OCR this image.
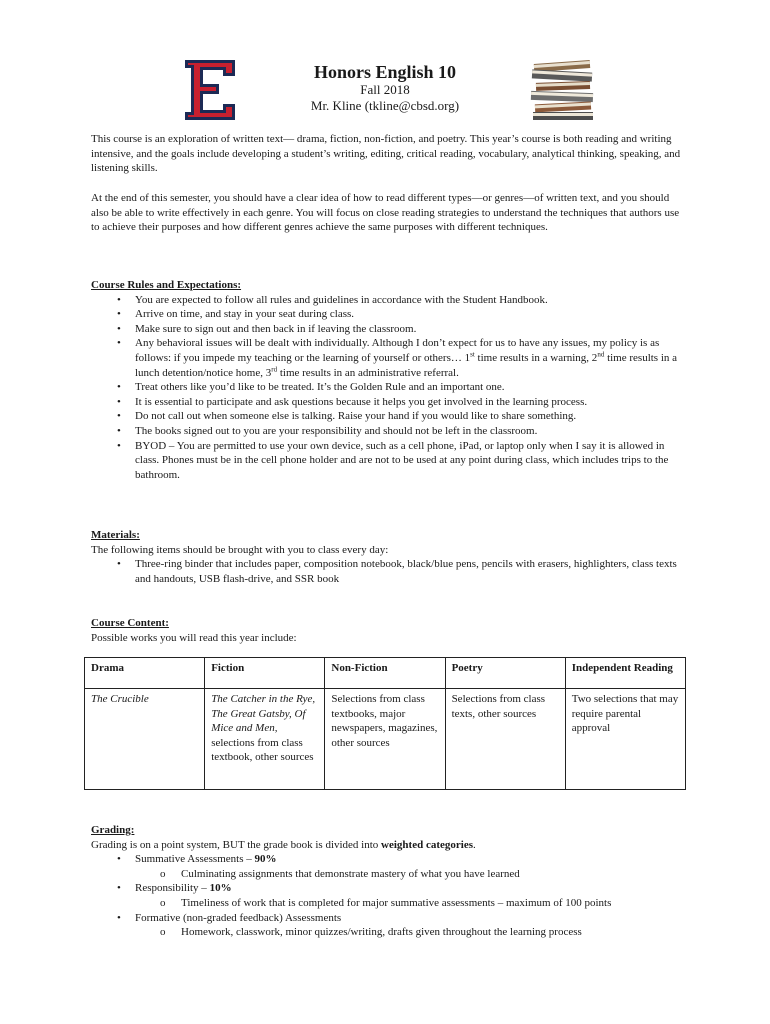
Honors English 10
Fall 2018
Mr. Kline (tkline@cbsd.org)

This course is an exploration of written text— drama, fiction, non-fiction, and poetry. This year’s course is both reading and writing intensive, and the goals include developing a student’s writing, editing, critical reading, vocabulary, analytical thinking, speaking, and listening skills.

At the end of this semester, you should have a clear idea of how to read different types—or genres—of written text, and you should also be able to write effectively in each genre. You will focus on close reading strategies to understand the techniques that authors use to achieve their purposes and how different genres achieve the same purposes with different techniques.

Course Rules and Expectations:
• You are expected to follow all rules and guidelines in accordance with the Student Handbook.
• Arrive on time, and stay in your seat during class.
• Make sure to sign out and then back in if leaving the classroom.
• Any behavioral issues will be dealt with individually. Although I don’t expect for us to have any issues, my policy is as follows: if you impede my teaching or the learning of yourself or others… 1st time results in a warning, 2nd time results in a lunch detention/notice home, 3rd time results in an administrative referral.
• Treat others like you’d like to be treated. It’s the Golden Rule and an important one.
• It is essential to participate and ask questions because it helps you get involved in the learning process.
• Do not call out when someone else is talking. Raise your hand if you would like to share something.
• The books signed out to you are your responsibility and should not be left in the classroom.
• BYOD – You are permitted to use your own device, such as a cell phone, iPad, or laptop only when I say it is allowed in class. Phones must be in the cell phone holder and are not to be used at any point during class, which includes trips to the bathroom.
Materials:
The following items should be brought with you to class every day:
• Three-ring binder that includes paper, composition notebook, black/blue pens, pencils with erasers, highlighters, class texts and handouts, USB flash-drive, and SSR book
Course Content:
Possible works you will read this year include:
Drama	Fiction	Non-Fiction	Poetry	Independent Reading
The Crucible	The Catcher in the Rye, The Great Gatsby, Of Mice and Men, selections from class textbook, other sources	Selections from class textbooks, major newspapers, magazines, other sources	Selections from class texts, other sources	Two selections that may require parental approval
Grading:
Grading is on a point system, BUT the grade book is divided into weighted categories.
• Summative Assessments – 90%
o Culminating assignments that demonstrate mastery of what you have learned
• Responsibility – 10%
o Timeliness of work that is completed for major summative assessments – maximum of 100 points
• Formative (non-graded feedback) Assessments
o Homework, classwork, minor quizzes/writing, drafts given throughout the learning process
